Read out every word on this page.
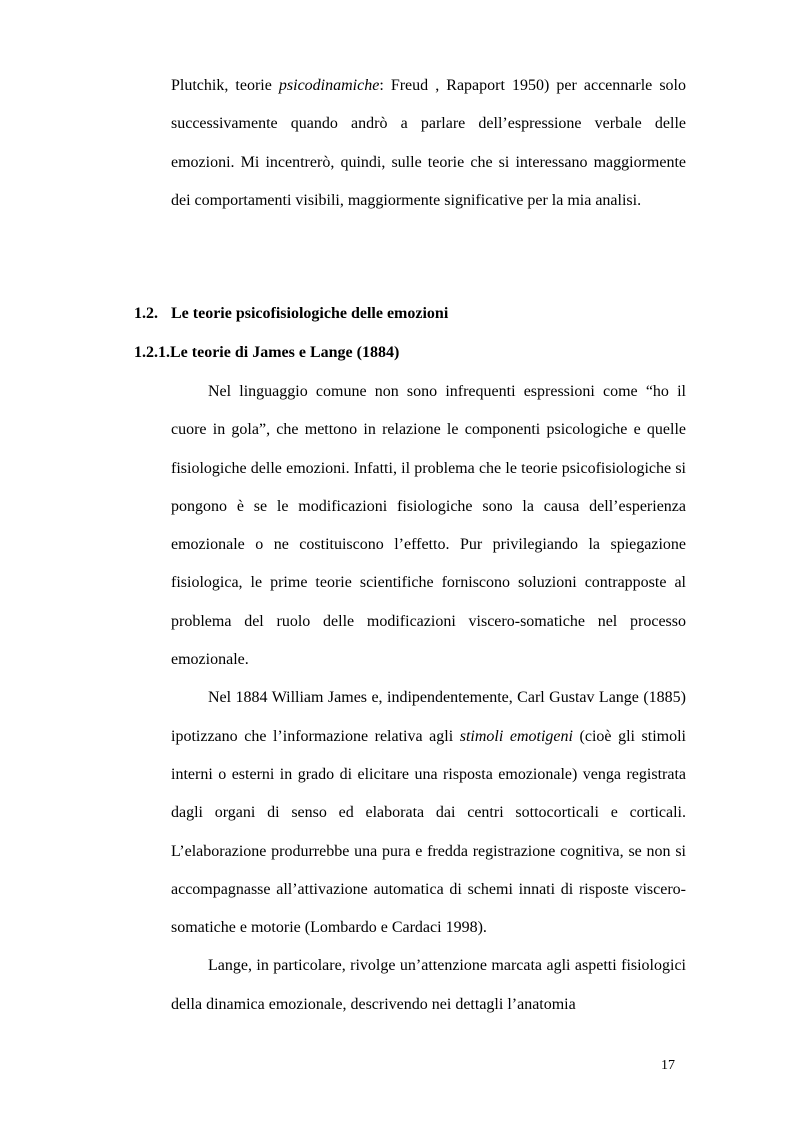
Plutchik, teorie psicodinamiche: Freud , Rapaport 1950) per accennarle solo successivamente quando andrò a parlare dell’espressione verbale delle emozioni. Mi incentrerò, quindi, sulle teorie che si interessano maggiormente dei comportamenti visibili, maggiormente significative per la mia analisi.

1.2. Le teorie psicofisiologiche delle emozioni
1.2.1.Le teorie di James e Lange (1884)

Nel linguaggio comune non sono infrequenti espressioni come “ho il cuore in gola”, che mettono in relazione le componenti psicologiche e quelle fisiologiche delle emozioni. Infatti, il problema che le teorie psicofisiologiche si pongono è se le modificazioni fisiologiche sono la causa dell’esperienza emozionale o ne costituiscono l’effetto. Pur privilegiando la spiegazione fisiologica, le prime teorie scientifiche forniscono soluzioni contrapposte al problema del ruolo delle modificazioni viscero-somatiche nel processo emozionale.

Nel 1884 William James e, indipendentemente, Carl Gustav Lange (1885) ipotizzano che l’informazione relativa agli stimoli emotigeni (cioè gli stimoli interni o esterni in grado di elicitare una risposta emozionale) venga registrata dagli organi di senso ed elaborata dai centri sottocorticali e corticali. L’elaborazione produrrebbe una pura e fredda registrazione cognitiva, se non si accompagnasse all’attivazione automatica di schemi innati di risposte viscero-somatiche e motorie (Lombardo e Cardaci 1998).

Lange, in particolare, rivolge un’attenzione marcata agli aspetti fisiologici della dinamica emozionale, descrivendo nei dettagli l’anatomia

17
